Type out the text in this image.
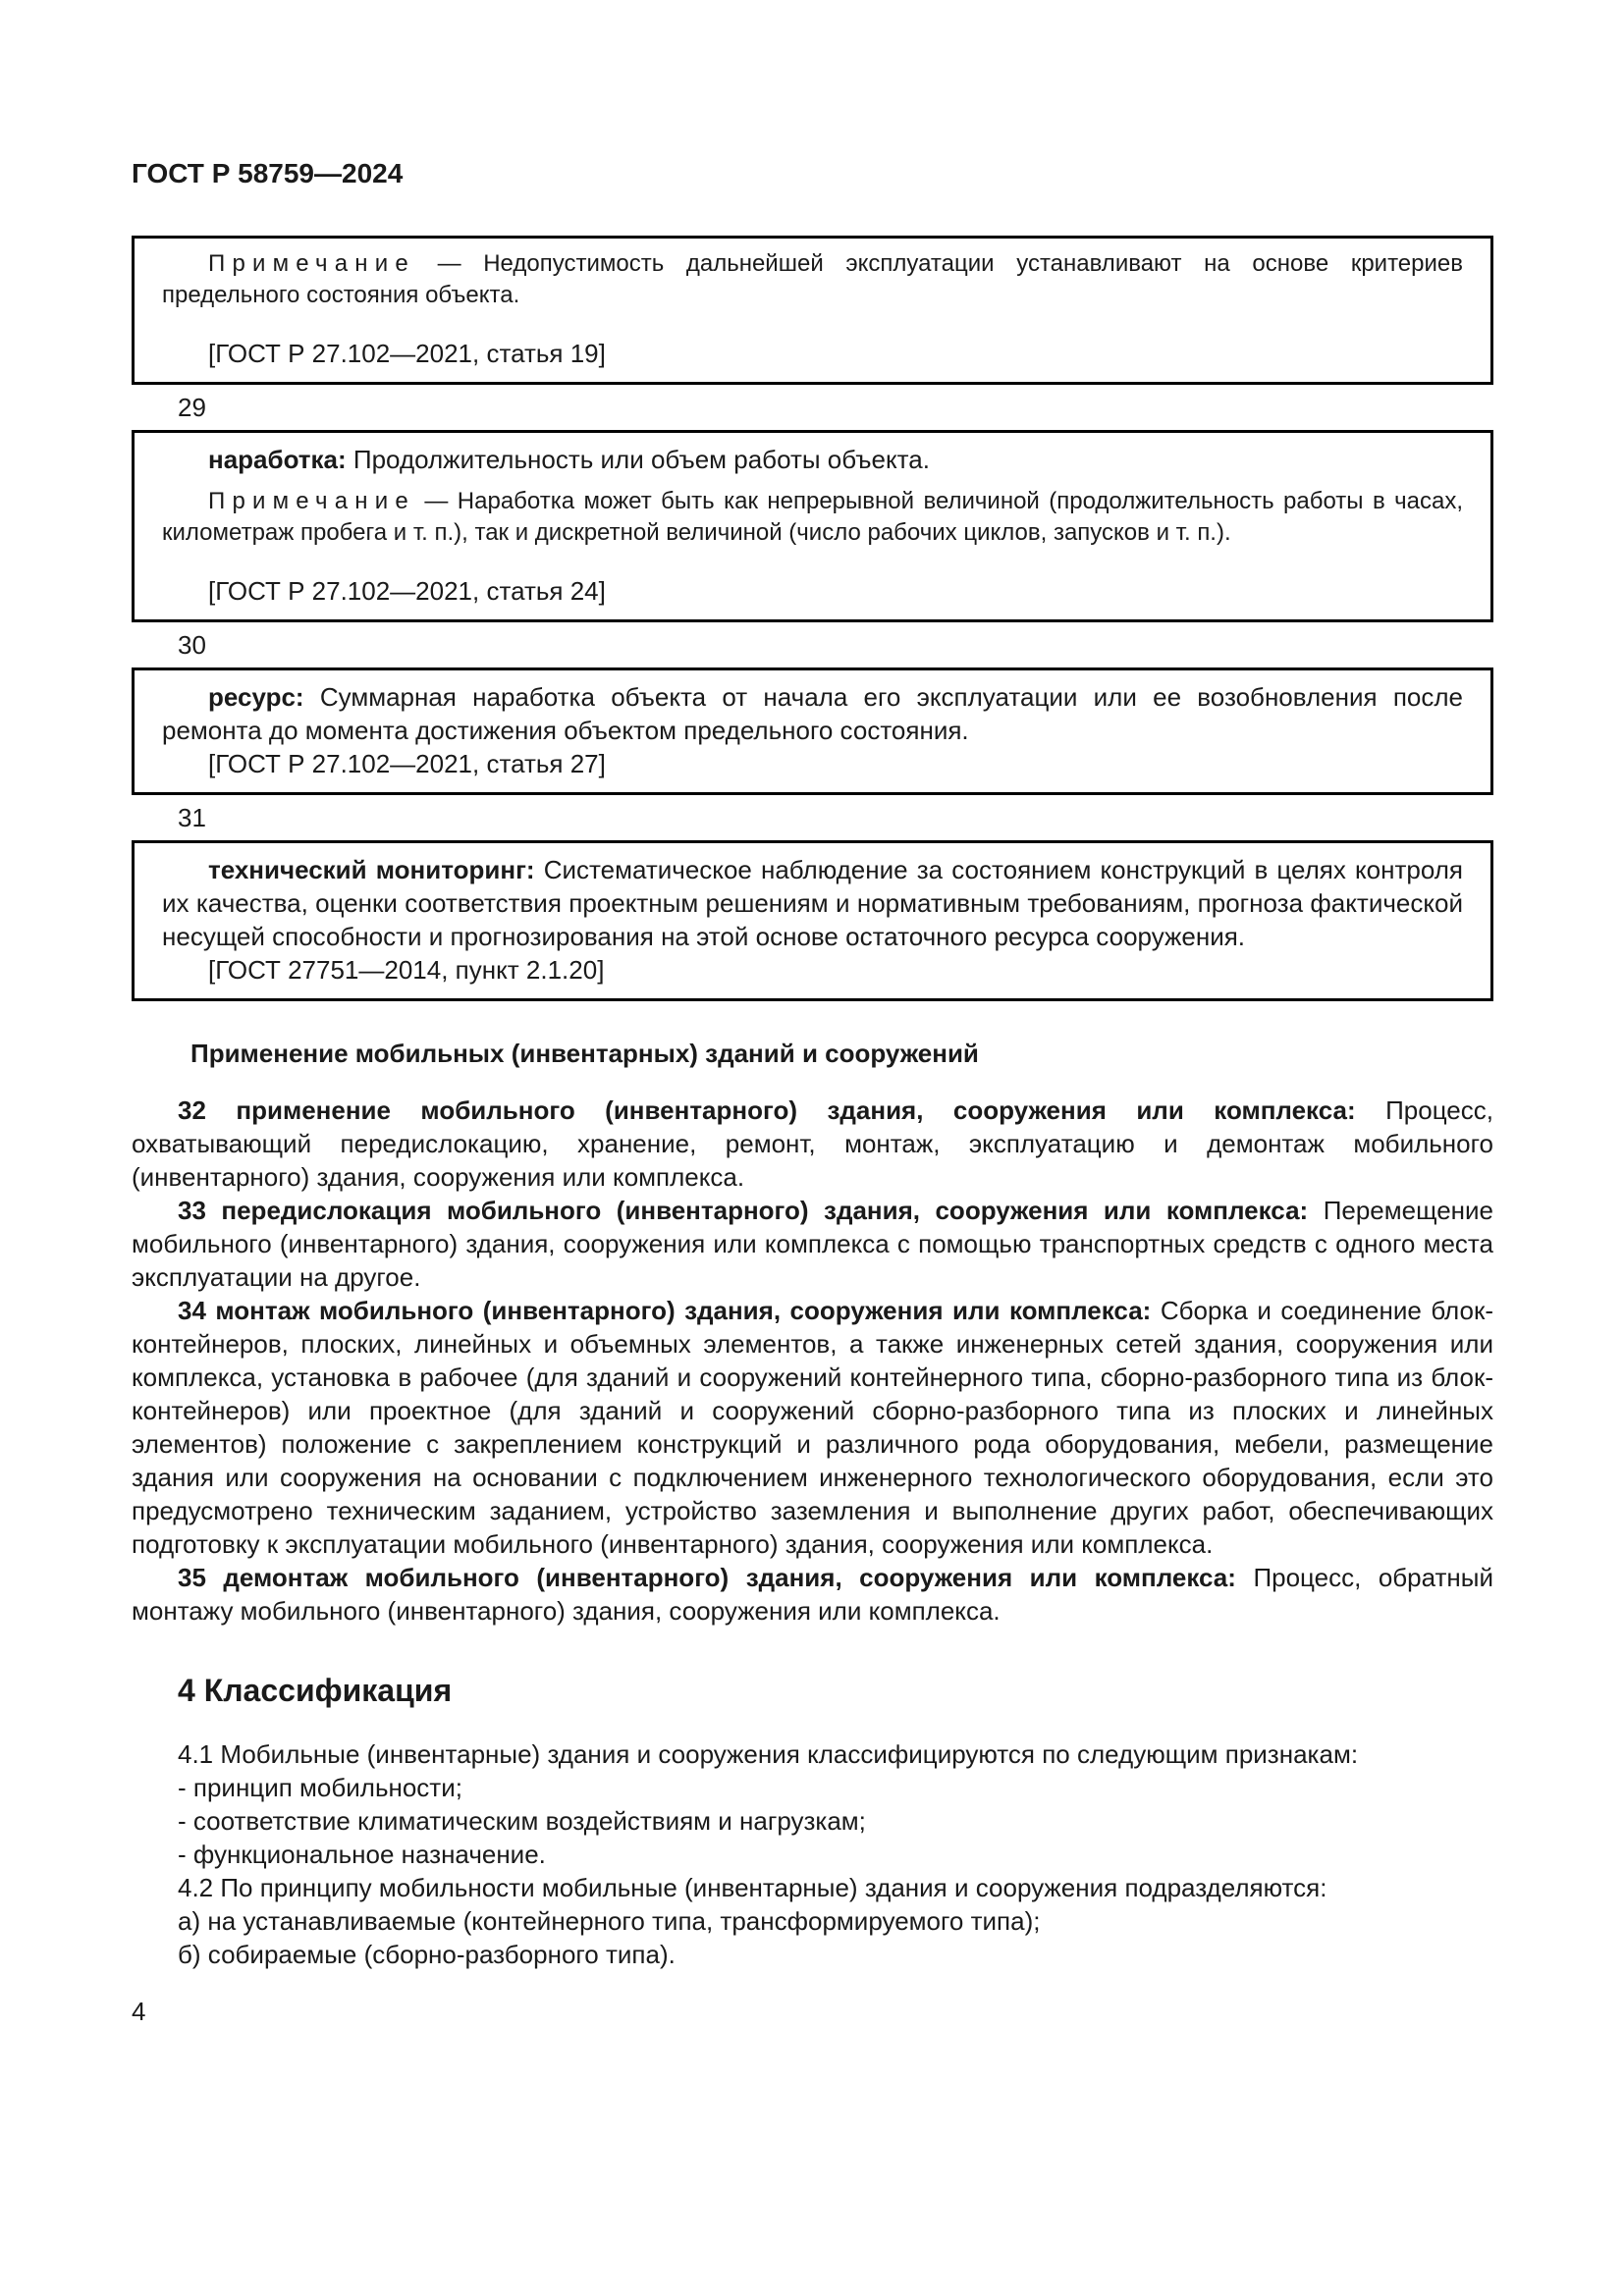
ГОСТ Р 58759—2024

Примечание — Недопустимость дальнейшей эксплуатации устанавливают на основе критериев предельного состояния объекта.

[ГОСТ Р 27.102—2021, статья 19]

29

наработка: Продолжительность или объем работы объекта.

Примечание — Наработка может быть как непрерывной величиной (продолжительность работы в часах, километраж пробега и т. п.), так и дискретной величиной (число рабочих циклов, запусков и т. п.).

[ГОСТ Р 27.102—2021, статья 24]

30

ресурс: Суммарная наработка объекта от начала его эксплуатации или ее возобновления после ремонта до момента достижения объектом предельного состояния.

[ГОСТ Р 27.102—2021, статья 27]

31

технический мониторинг: Систематическое наблюдение за состоянием конструкций в целях контроля их качества, оценки соответствия проектным решениям и нормативным требованиям, прогноза фактической несущей способности и прогнозирования на этой основе остаточного ресурса сооружения.

[ГОСТ 27751—2014, пункт 2.1.20]

Применение мобильных (инвентарных) зданий и сооружений

32 применение мобильного (инвентарного) здания, сооружения или комплекса: Процесс, охватывающий передислокацию, хранение, ремонт, монтаж, эксплуатацию и демонтаж мобильного (инвентарного) здания, сооружения или комплекса.

33 передислокация мобильного (инвентарного) здания, сооружения или комплекса: Перемещение мобильного (инвентарного) здания, сооружения или комплекса с помощью транспортных средств с одного места эксплуатации на другое.

34 монтаж мобильного (инвентарного) здания, сооружения или комплекса: Сборка и соединение блок-контейнеров, плоских, линейных и объемных элементов, а также инженерных сетей здания, сооружения или комплекса, установка в рабочее (для зданий и сооружений контейнерного типа, сборно-разборного типа из блок-контейнеров) или проектное (для зданий и сооружений сборно-разборного типа из плоских и линейных элементов) положение с закреплением конструкций и различного рода оборудования, мебели, размещение здания или сооружения на основании с подключением инженерного технологического оборудования, если это предусмотрено техническим заданием, устройство заземления и выполнение других работ, обеспечивающих подготовку к эксплуатации мобильного (инвентарного) здания, сооружения или комплекса.

35 демонтаж мобильного (инвентарного) здания, сооружения или комплекса: Процесс, обратный монтажу мобильного (инвентарного) здания, сооружения или комплекса.

4 Классификация

4.1 Мобильные (инвентарные) здания и сооружения классифицируются по следующим признакам:

- принцип мобильности;

- соответствие климатическим воздействиям и нагрузкам;

- функциональное назначение.

4.2 По принципу мобильности мобильные (инвентарные) здания и сооружения подразделяются:

а) на устанавливаемые (контейнерного типа, трансформируемого типа);

б) собираемые (сборно-разборного типа).

4
